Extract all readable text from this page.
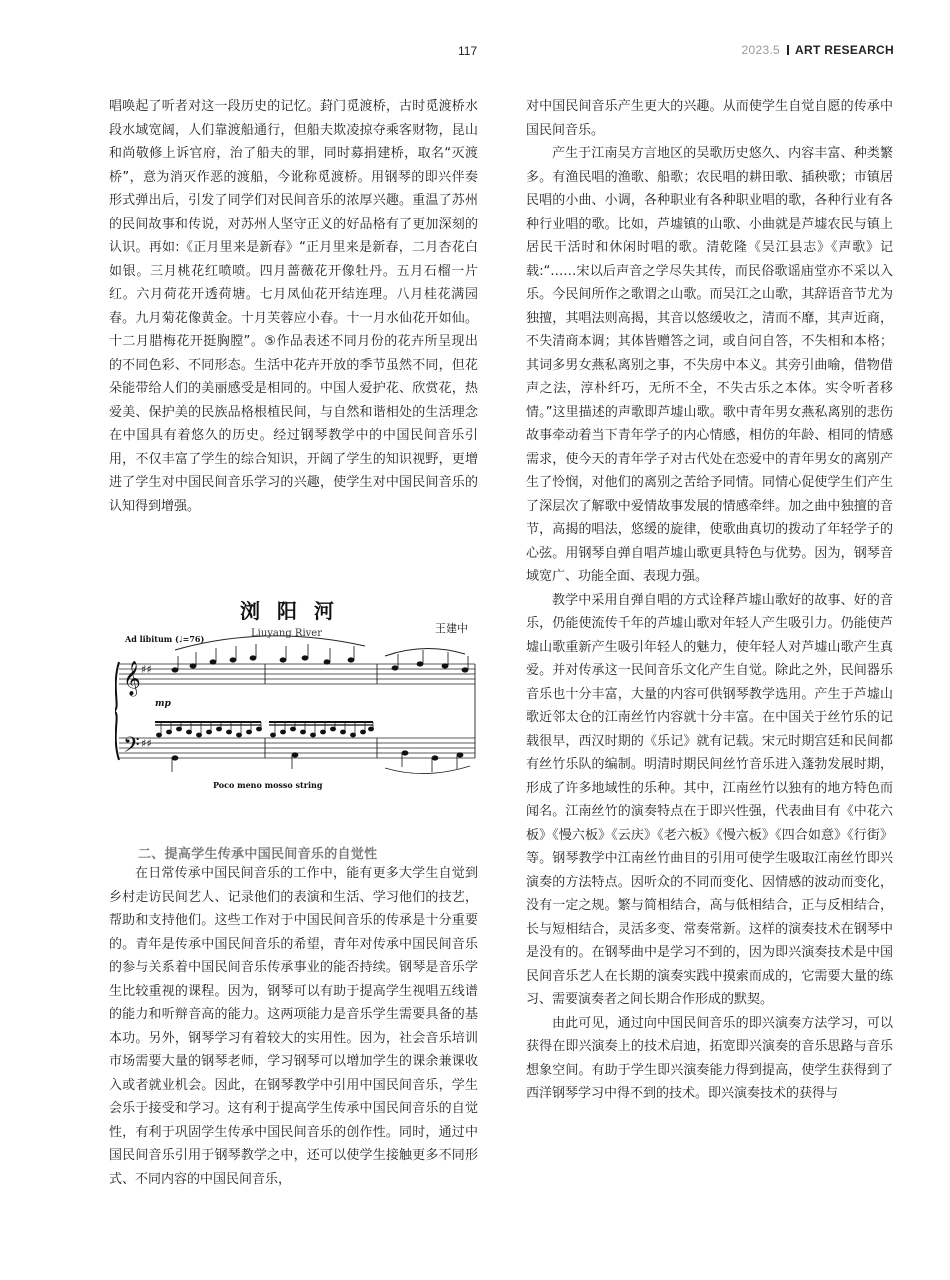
117	2023.5 ART RESEARCH

唱唤起了听者对这一段历史的记忆。葑门觅渡桥，古时觅渡桥水段水域宽阔，人们靠渡船通行，但船夫欺凌掠夺乘客财物，昆山和尚敬修上诉官府，治了船夫的罪，同时募捐建桥，取名“灭渡桥”，意为消灭作恶的渡船，今讹称觅渡桥。用钢琴的即兴伴奏形式弹出后，引发了同学们对民间音乐的浓厚兴趣。重温了苏州的民间故事和传说，对苏州人坚守正义的好品格有了更加深刻的认识。再如:《正月里来是新春》“正月里来是新春，二月杏花白如银。三月桃花红喷喷。四月蔷薇花开像牡丹。五月石榴一片红。六月荷花开透荷塘。七月凤仙花开结连理。八月桂花满园春。九月菊花像黄金。十月芙蓉应小春。十一月水仙花开如仙。十二月腊梅花开挺胸膛”。⑤作品表述不同月份的花卉所呈现出的不同色彩、不同形态。生活中花卉开放的季节虽然不同，但花朵能带给人们的美丽感受是相同的。中国人爱护花、欣赏花，热爱美、保护美的民族品格根植民间，与自然和谐相处的生活理念在中国具有着悠久的历史。经过钢琴教学中的中国民间音乐引用，不仅丰富了学生的综合知识，开阔了学生的知识视野，更增进了学生对中国民间音乐学习的兴趣，使学生对中国民间音乐的认知得到增强。

浏 阳 河
Liuyang River	王建中
Ad libitum (♩=76)
𝄞
𝄢
♯♯
♯♯
mp
Poco meno mosso string
二、提高学生传承中国民间音乐的自觉性

在日常传承中国民间音乐的工作中，能有更多大学生自觉到乡村走访民间艺人、记录他们的表演和生活、学习他们的技艺，帮助和支持他们。这些工作对于中国民间音乐的传承是十分重要的。青年是传承中国民间音乐的希望，青年对传承中国民间音乐的参与关系着中国民间音乐传承事业的能否持续。钢琴是音乐学生比较重视的课程。因为，钢琴可以有助于提高学生视唱五线谱的能力和听辩音高的能力。这两项能力是音乐学生需要具备的基本功。另外，钢琴学习有着较大的实用性。因为，社会音乐培训市场需要大量的钢琴老师，学习钢琴可以增加学生的课余兼课收入或者就业机会。因此，在钢琴教学中引用中国民间音乐，学生会乐于接受和学习。这有利于提高学生传承中国民间音乐的自觉性，有利于巩固学生传承中国民间音乐的创作性。同时，通过中国民间音乐引用于钢琴教学之中，还可以使学生接触更多不同形式、不同内容的中国民间音乐，

对中国民间音乐产生更大的兴趣。从而使学生自觉自愿的传承中国民间音乐。

产生于江南吴方言地区的吴歌历史悠久、内容丰富、种类繁多。有渔民唱的渔歌、船歌；农民唱的耕田歌、插秧歌；市镇居民唱的小曲、小调，各种职业有各种职业唱的歌，各种行业有各种行业唱的歌。比如，芦墟镇的山歌、小曲就是芦墟农民与镇上居民干活时和休闲时唱的歌。清乾隆《吴江县志》《声歌》记载:“……宋以后声音之学尽失其传，而民俗歌谣庙堂亦不采以入乐。今民间所作之歌谓之山歌。而吴江之山歌，其辞语音节尤为独擅，其唱法则高揭，其音以悠缓收之，清而不靡，其声近商，不失清商本调；其体皆赠答之词，或自问自答，不失相和本格；其词多男女燕私离别之事，不失房中本义。其旁引曲喻，借物借声之法，淳朴纤巧，无所不全，不失古乐之本体。实令听者移情。”这里描述的声歌即芦墟山歌。歌中青年男女燕私离别的悲伤故事牵动着当下青年学子的内心情感，相仿的年龄、相同的情感需求，使今天的青年学子对古代处在恋爱中的青年男女的离别产生了怜悯，对他们的离别之苦给予同情。同情心促使学生们产生了深层次了解歌中爱情故事发展的情感牵绊。加之曲中独擅的音节，高揭的唱法，悠缓的旋律，使歌曲真切的拨动了年轻学子的心弦。用钢琴自弹自唱芦墟山歌更具特色与优势。因为，钢琴音域宽广、功能全面、表现力强。

教学中采用自弹自唱的方式诠释芦墟山歌好的故事、好的音乐，仍能使流传千年的芦墟山歌对年轻人产生吸引力。仍能使芦墟山歌重新产生吸引年轻人的魅力，使年轻人对芦墟山歌产生真爱。并对传承这一民间音乐文化产生自觉。除此之外，民间器乐音乐也十分丰富，大量的内容可供钢琴教学选用。产生于芦墟山歌近邻太仓的江南丝竹内容就十分丰富。在中国关于丝竹乐的记载很早，西汉时期的《乐记》就有记载。宋元时期宫廷和民间都有丝竹乐队的编制。明清时期民间丝竹音乐进入蓬勃发展时期，形成了许多地域性的乐种。其中，江南丝竹以独有的地方特色而闻名。江南丝竹的演奏特点在于即兴性强，代表曲目有《中花六板》《慢六板》《云庆》《老六板》《慢六板》《四合如意》《行街》等。钢琴教学中江南丝竹曲目的引用可使学生吸取江南丝竹即兴演奏的方法特点。因听众的不同而变化、因情感的波动而变化，没有一定之规。繁与简相结合，高与低相结合，正与反相结合，长与短相结合，灵活多变、常奏常新。这样的演奏技术在钢琴中是没有的。在钢琴曲中是学习不到的，因为即兴演奏技术是中国民间音乐艺人在长期的演奏实践中摸索而成的，它需要大量的练习、需要演奏者之间长期合作形成的默契。

由此可见，通过向中国民间音乐的即兴演奏方法学习，可以获得在即兴演奏上的技术启迪，拓宽即兴演奏的音乐思路与音乐想象空间。有助于学生即兴演奏能力得到提高，使学生获得到了西洋钢琴学习中得不到的技术。即兴演奏技术的获得与
